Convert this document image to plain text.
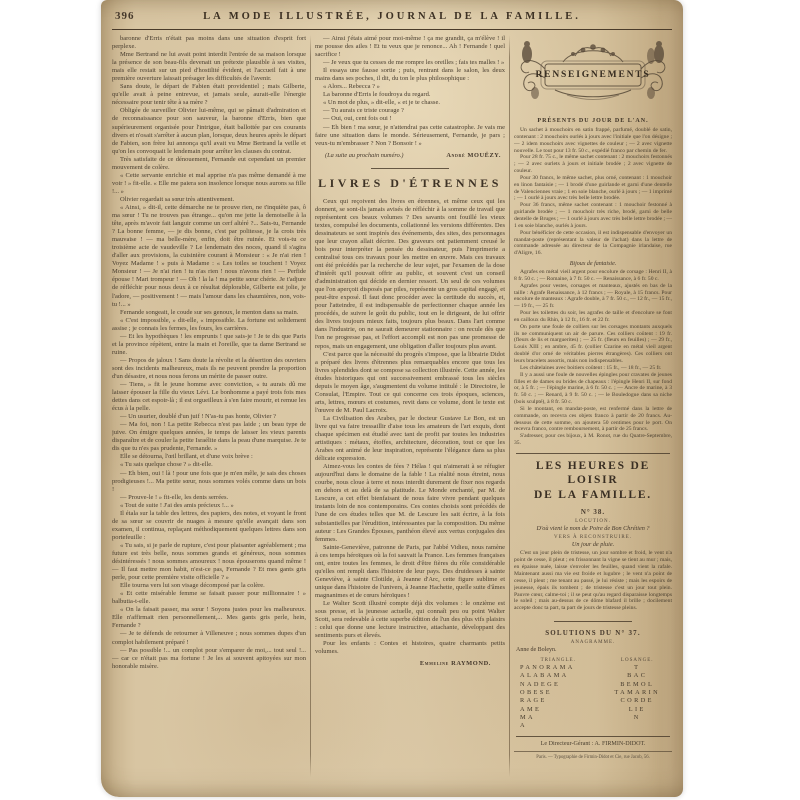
396	LA MODE ILLUSTRÉE, JOURNAL DE LA FAMILLE.

baronne d'Erris n'était pas moins dans une situation d'esprit fort perplexe.

Mme Bertrand ne lui avait point interdit l'entrée de sa maison lorsque la présence de son beau-fils devenait un prétexte plausible à ses visites, mais elle restait sur un pied d'hostilité évident, et l'accueil fait à une première ouverture laissait présager les difficultés de l'avenir.

Sans doute, le départ de Fabien était providentiel ; mais Gilberte, qu'elle avait à peine entrevue, et jamais seule, aurait-elle l'énergie nécessaire pour tenir tête à sa mère ?

Obligée de surveiller Olivier lui-même, qui se pâmait d'admiration et de reconnaissance pour son sauveur, la baronne d'Erris, bien que supérieurement organisée pour l'intrigue, était ballottée par ces courants divers et n'osait s'arrêter à aucun plan, lorsque, deux heures après le départ de Fabien, son frère lui annonça qu'il avait vu Mme Bertrand la veille et qu'on les convoquait le lendemain pour arrêter les clauses du contrat.

Très satisfaite de ce dénouement, Fernande eut cependant un premier mouvement de colère.

« Cette servante enrichie et mal apprise n'a pas même demandé à me voir ! » fit-elle. « Elle me paiera son insolence lorsque nous aurons sa fille !... »

Olivier regardait sa sœur très attentivement.

« Ainsi, » dit-il, cette démarche ne te prouve rien, ne t'inquiète pas, ô ma sœur ! Tu ne trouves pas étrange... qu'on me jette la demoiselle à la tête, après m'avoir fait languir comme un cerf altéré ?... Sais-tu, Fernande ? La bonne femme, — je dis bonne, c'est par politesse, je la crois très mauvaise ! — ma belle-mère, enfin, doit être ruinée. Et vois-tu ce troisième acte de vaudeville ? Le lendemain des noces, quand il s'agira d'aller aux provisions, la cuisinière courant à Monsieur : « Je n'ai rien ! Voyez Madame ! » puis à Madame : « Les toiles se touchent ! Voyez Monsieur ! — Je n'ai rien ! tu n'as rien ! nous n'avons rien ! — Perfide épouse ! Mari trompeur ! — Oh ! la la ! ma petite sœur chérie. Je t'adjure de réfléchir pour nous deux à ce résultat déplorable, Gilberte est jolie, je l'adore, — positivement ! — mais l'amour dans les chaumières, non, vois-tu !... »

Fernande songeait, le coude sur ses genoux, le menton dans sa main.

« C'est impossible, » dit-elle, « impossible. La fortune est solidement assise ; je connais les fermes, les fours, les carrières.

— Et les hypothèques ! les emprunts ! que sais-je ! Je te dis que Paris et la province répètent, entre la main et l'oreille, que ta dame Bertrand se ruine.

— Propos de jaloux ! Sans doute la révolte et la désertion des ouvriers sont des incidents malheureux, mais ils ne peuvent prendre la proportion d'un désastre, et nous nous ferons un mérite de passer outre.

— Tiens, » fit le jeune homme avec conviction, « tu aurais dû me laisser épouser la fille du vieux Lévi. Le bonhomme a payé trois fois mes dettes dans cet espoir-là ; il est orgueilleux à s'en faire mourir, et remue les écus à la pelle.

— Un usurier, doublé d'un juif ! N'as-tu pas honte, Olivier ?

— Ma foi, non ! La petite Rebecca n'est pas laide ; un beau type de juive. On émigre quelques années, le temps de laisser les vieux parents disparaître et de couler la petite Israélite dans la peau d'une marquise. Je te dis que tu n'es pas prudente, Fernande. »

Elle se détourna, l'œil brillant, et d'une voix brève :

« Tu sais quelque chose ? » dit-elle.

— Eh bien, oui ! là ! pour une fois que je m'en mêle, je sais des choses prodigieuses !... Ma petite sœur, nous sommes volés comme dans un bois !

— Prouve-le ! » fit-elle, les dents serrées.

« Tout de suite ! J'ai des amis précieux !... »

Il étala sur la table des lettres, des papiers, des notes, et voyant le front de sa sœur se couvrir de nuages à mesure qu'elle avançait dans son examen, il continua, replaçant méthodiquement quelques lettres dans son portefeuille :

« Tu sais, si je parle de rupture, c'est pour plaisanter agréablement ; ma future est très belle, nous sommes grands et généreux, nous sommes désintéressés ! nous sommes amoureux ! nous épouserons quand même ! — Il faut mettre mon habit, n'est-ce pas, Fernande ? Et mes gants gris perle, pour cette première visite officielle ? »

Elle tourna vers lui son visage décomposé par la colère.

« Et cette misérable femme se faisait passer pour millionnaire ! » balbutia-t-elle.

« On la faisait passer, ma sœur ! Soyons justes pour les malheureux. Elle n'affirmait rien personnellement,... Mes gants gris perle, hein, Fernande ?

— Je te défends de retourner à Villeneuve ; nous sommes dupes d'un complot habilement préparé !

— Pas possible !... un complot pour s'emparer de moi,... tout seul !... — car ce n'était pas ma fortune ! Je les ai souvent apitoyées sur mon honorable misère.

— Ainsi j'étais aimé pour moi-même ! ça me grandit, ça m'élève ! il me pousse des ailes ! Et tu veux que je renonce... Ah ! Fernande ! quel sacrifice !

— Je veux que tu cesses de me rompre les oreilles ; fais tes malles ! »

Il essaya une fausse sortie ; puis, rentrant dans le salon, les deux mains dans ses poches, il dit, du ton le plus philosophique :

« Alors... Rebecca ? »

La baronne d'Erris le foudroya du regard.

« Un mot de plus, » dit-elle, « et je te chasse.

— Tu aurais ce triste courage ?

— Oui, oui, cent fois oui !

— Eh bien ! ma sœur, je n'attendrai pas cette catastrophe. Je vais me faire une situation dans le monde. Sérieusement, Fernande, je pars ; veux-tu m'embrasser ? Non ? Bonsoir ! »

(La suite au prochain numéro.)	André MOUËZY.
LIVRES D'ÉTRENNES

Ceux qui reçoivent des livres en étrennes, et même ceux qui les donnent, se sont-ils jamais avisés de réfléchir à la somme de travail que représentent ces beaux volumes ? Des savants ont fouillé les vieux textes, compulsé les documents, collationné les versions différentes. Des dessinateurs se sont inspirés des événements, des sites, des personnages que leur crayon allait décrire. Des graveurs ont patiemment creusé le bois pour interpréter la pensée du dessinateur, puis l'imprimerie a centralisé tous ces travaux pour les mettre en œuvre. Mais ces travaux ont été précédés par la recherche de leur sujet, par l'examen de la dose d'intérêt qu'il pouvait offrir au public, et souvent c'est un conseil d'administration qui décide en dernier ressort. Un seul de ces volumes que l'on aperçoit disposés par piles, représente un gros capital engagé, et peut-être exposé. Il faut donc procéder avec la certitude du succès, et, pour l'atteindre, il est indispensable de perfectionner chaque année les procédés, de suivre le goût du public, tout en le dirigeant, de lui offrir des livres toujours mieux faits, toujours plus beaux. Dans l'art comme dans l'industrie, on ne saurait demeurer stationnaire : on recule dès que l'on ne progresse pas, et l'effort accompli est non pas une promesse de repos, mais un engagement, une obligation d'aller toujours plus avant.

C'est parce que la nécessité du progrès s'impose, que la librairie Didot a préparé des livres d'étrennes plus remarquables encore que tous les livres splendides dont se compose sa collection illustrée. Cette année, les études historiques qui ont successivement embrassé tous les siècles depuis le moyen âge, s'augmentent du volume intitulé : le Directoire, le Consulat, l'Empire. Tout ce qui concerne ces trois époques, sciences, arts, lettres, mœurs et costumes, revit dans ce volume, dont le texte est l'œuvre de M. Paul Lacroix.

La Civilisation des Arabes, par le docteur Gustave Le Bon, est un livre qui va faire tressaillir d'aise tous les amateurs de l'art exquis, dont chaque spécimen est étudié avec tant de profit par toutes les industries artistiques : métaux, étoffes, architecture, décoration, tout ce que les Arabes ont animé de leur inspiration, représente l'élégance dans sa plus délicate expression.

Aimez-vous les contes de fées ? Hélas ! qui n'aimerait à se réfugier aujourd'hui dans le domaine de la fable ! La réalité nous étreint, nous courbe, nous cloue à terre et nous interdit durement de fixer nos regards en dehors et au delà de sa platitude. Le Monde enchanté, par M. de Lescure, a cet effet bienfaisant de nous faire vivre pendant quelques instants loin de nos contemporains. Ces contes choisis sont précédés de l'une de ces études telles que M. de Lescure les sait écrire, à la fois substantielles par l'érudition, intéressantes par la composition. Du même auteur : Les Grandes Épouses, panthéon élevé aux vertus conjugales des femmes.

Sainte-Geneviève, patronne de Paris, par l'abbé Vidieu, nous ramène à ces temps héroïques où la foi sauvait la France. Les femmes françaises ont, entre toutes les femmes, le droit d'être fières du rôle considérable qu'elles ont rempli dans l'histoire de leur pays. Des druidesses à sainte Geneviève, à sainte Clotilde, à Jeanne d'Arc, cette figure sublime et unique dans l'histoire de l'univers, à Jeanne Hachette, quelle suite d'âmes magnanimes et de cœurs héroïques !

Le Walter Scott illustré compte déjà dix volumes : le onzième est sous presse, et la jeunesse actuelle, qui connaît peu ou point Walter Scott, sera redevable à cette superbe édition de l'un des plus vifs plaisirs : celui que donne une lecture instructive, attachante, développant des sentiments purs et élevés.

Pour les enfants : Contes et histoires, quatre charmants petits volumes.

Emmeline RAYMOND.
RENSEIGNEMENTS
PRÉSENTS DU JOUR DE L'AN.

Un sachet à mouchoirs en satin frappé, parfumé, doublé de satin, contenant : 2 mouchoirs ourlés à jours avec l'initiale que l'on désigne ; — 2 idem mouchoirs avec vignettes de couleur ; — 2 avec vignette nouvelle. Le tout pour 13 fr. 50 c., expédié franco par chemin de fer.

Pour 28 fr. 75 c., le même sachet contenant : 2 mouchoirs festonnés ; — 2 avec ourlets à jours et initiale brodée ; 2 avec vignette de couleur.

Pour 30 francs, le même sachet, plus orné, contenant : 1 mouchoir en linon fantaisie ; — 1 brodé d'une guirlande et garni d'une dentelle de Valenciennes vraie ; 1 en soie blanche, ourlé à jours ; — 1 imprimé ; — 1 ourlé à jours avec très belle lettre brodée.

Pour 36 francs, même sachet contenant : 1 mouchoir festonné à guirlande brodée ; — 1 mouchoir très riche, brodé, garni de belle dentelle de Bruges ; — 1 ourlé à jours avec très belle lettre brodée ; — 1 en soie blanche, ourlés à jours.

Pour bénéficier de cette occasion, il est indispensable d'envoyer un mandat-poste (représentant la valeur de l'achat) dans la lettre de commande adressée au directeur de la Compagnie irlandaise, rue d'Aligre, 16.

Bijoux de fantaisie.

Agrafes en métal vieil argent pour encolure de corsage : Henri II, à 8 fr. 50 c. ; — Romaine, à 7 fr. 50 c. — Renaissance, à 6 fr. 50 c.

Agrafes pour vestes, corsages et manteaux, ajustés en bas de la taille : Agrafe Renaissance, à 12 francs ; — Royale, à 15 francs. Pour encolure de manteaux : Agrafe double, à 7 fr. 50 c., — 12 fr., — 15 fr., — 19 fr., — 25 fr.

Pour les toilettes du soir, les agrafes de taille et d'encolure se font en cailloux du Rhin, à 12 fr., 16 fr. et 22 fr.

On porte une foule de colliers sur les corsages montants auxquels ils ne communiquent un air de parure. Ces colliers coûtent : 19 fr. (fleurs de lis et marguerites) ; — 25 fr. (fleurs en feuilles) ; — 29 fr., Louis XIII ; en ambre, 45 fr. (collier Czarine en métal vieil argent doublé d'or orné de véritables pierres étrangères). Ces colliers ont leurs bracelets assortis, mais non indispensables.

Les châtelaines avec boitiers coûtent : 15 fr., — 18 fr., — 25 fr.

Il y a aussi une foule de nouvelles épingles pour cravates de jeunes filles et de dames ou brides de chapeaux : l'épingle Henri II, sur fond or, à 5 fr. ; — l'épingle marine, à 6 fr. 50 c. ; — Ancre de marine, à 3 fr. 50 c. ; — Renard, à 9 fr. 50 c. ; — le Bouledogue dans sa niche (bois sculpté), à 8 fr. 50 c.

Si le montant, en mandat-poste, est renfermé dans la lettre de commande, on recevra ces objets franco à partir de 20 francs. Au-dessous de cette somme, on ajoutera 50 centimes pour le port. On recevra franco, contre remboursement, à partir de 25 francs.

S'adresser, pour ces bijoux, à M. Ronot, rue du Quatre-Septembre, 35.

LES HEURES DE LOISIR
DE LA FAMILLE.
N° 38.
LOCUTION.
D'où vient le nom de Poire de Bon Chrétien ?
VERS À RECONSTRUIRE.
Un jour de pluie.

C'est un jour plein de tristesse, un jour sombre et froid, le vent n'a point de cesse, il pleut ; en frissonnant la vigne se tient au mur ; mais, en épaisse nuée, laisse s'envoler les feuilles, quand vient la rafale. Maintenant aussi ma vie est froide et lugubre ; le vent n'a point de cesse, il pleut ; me tenant au passé, je lui résiste ; mais les espoirs de jeunesse, épais ils tombent ; de tristesse c'est un jour tout plein. Pauvre cœur, calme-toi ; il se peut qu'au regard disparaisse longtemps le soleil ; mais au-dessus de ce dôme blafard il brille ; docilement accepte donc ta part, ta part de jours de tristesse pleins.

SOLUTIONS DU N° 37.
ANAGRAMME.
Anne de Boleyn.
TRIANGLE.
PANORAMA
ALABAMA
NADEGE
OBESE
RAGE
AME
MA
A
LOSANGE.
T
BAC
BEMOL
TAMARIN
CORDE
LIE
N
Le Directeur-Gérant : A. FIRMIN-DIDOT.
Paris. — Typographie de Firmin-Didot et Cie, rue Jacob, 56.
